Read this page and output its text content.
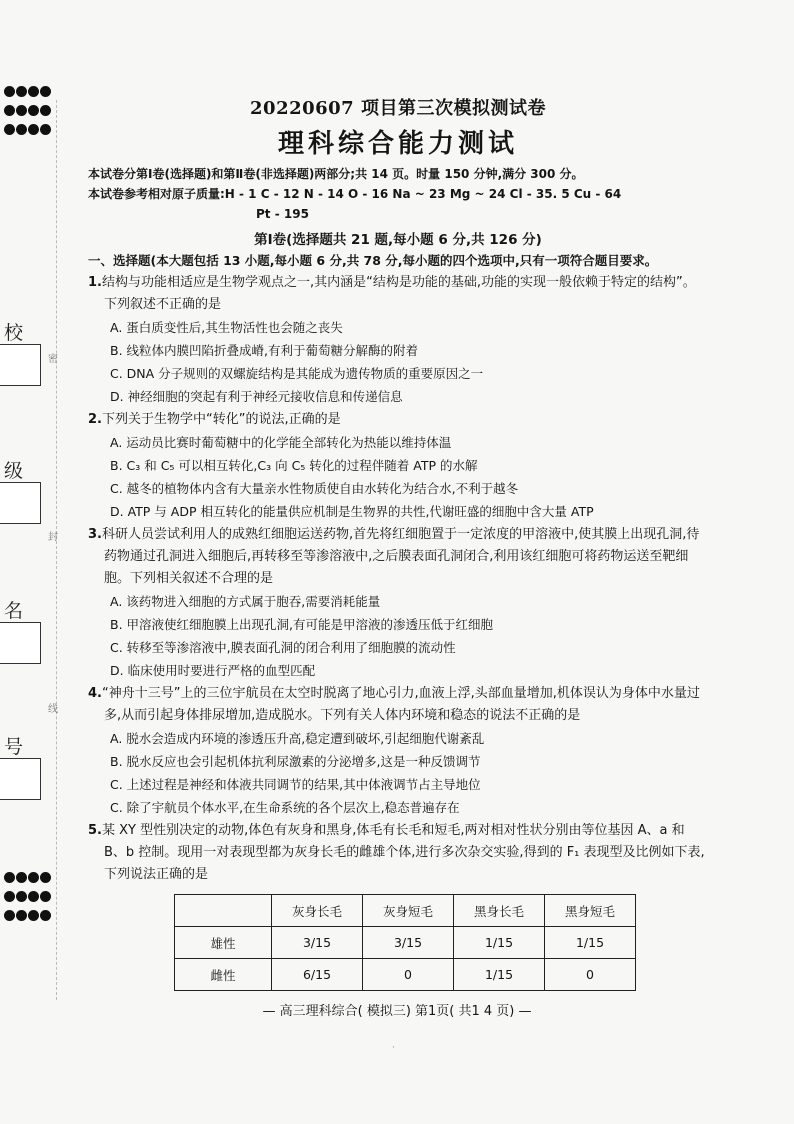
校
密
级
封
名
线
号
20220607 项目第三次模拟测试卷
理科综合能力测试
本试卷分第Ⅰ卷(选择题)和第Ⅱ卷(非选择题)两部分;共 14 页。时量 150 分钟,满分 300 分。
本试卷参考相对原子质量:H - 1 C - 12 N - 14 O - 16 Na ~ 23 Mg ~ 24 Cl - 35. 5 Cu - 64
Pt - 195
第Ⅰ卷(选择题共 21 题,每小题 6 分,共 126 分)
一、选择题(本大题包括 13 小题,每小题 6 分,共 78 分,每小题的四个选项中,只有一项符合题目要求。
1.结构与功能相适应是生物学观点之一,其内涵是“结构是功能的基础,功能的实现一般依赖于特定的结构”。下列叙述不正确的是
A. 蛋白质变性后,其生物活性也会随之丧失
B. 线粒体内膜凹陷折叠成嵴,有利于葡萄糖分解酶的附着
C. DNA 分子规则的双螺旋结构是其能成为遗传物质的重要原因之一
D. 神经细胞的突起有利于神经元接收信息和传递信息
2.下列关于生物学中“转化”的说法,正确的是
A. 运动员比赛时葡萄糖中的化学能全部转化为热能以维持体温
B. C₃ 和 C₅ 可以相互转化,C₃ 向 C₅ 转化的过程伴随着 ATP 的水解
C. 越冬的植物体内含有大量亲水性物质使自由水转化为结合水,不利于越冬
D. ATP 与 ADP 相互转化的能量供应机制是生物界的共性,代谢旺盛的细胞中含大量 ATP
3.科研人员尝试利用人的成熟红细胞运送药物,首先将红细胞置于一定浓度的甲溶液中,使其膜上出现孔洞,待药物通过孔洞进入细胞后,再转移至等渗溶液中,之后膜表面孔洞闭合,利用该红细胞可将药物运送至靶细胞。下列相关叙述不合理的是
A. 该药物进入细胞的方式属于胞吞,需要消耗能量
B. 甲溶液使红细胞膜上出现孔洞,有可能是甲溶液的渗透压低于红细胞
C. 转移至等渗溶液中,膜表面孔洞的闭合利用了细胞膜的流动性
D. 临床使用时要进行严格的血型匹配
4.“神舟十三号”上的三位宇航员在太空时脱离了地心引力,血液上浮,头部血量增加,机体误认为身体中水量过多,从而引起身体排尿增加,造成脱水。下列有关人体内环境和稳态的说法不正确的是
A. 脱水会造成内环境的渗透压升高,稳定遭到破坏,引起细胞代谢紊乱
B. 脱水反应也会引起机体抗利尿激素的分泌增多,这是一种反馈调节
C. 上述过程是神经和体液共同调节的结果,其中体液调节占主导地位
C. 除了宇航员个体水平,在生命系统的各个层次上,稳态普遍存在
5.某 XY 型性别决定的动物,体色有灰身和黑身,体毛有长毛和短毛,两对相对性状分别由等位基因 A、a 和 B、b 控制。现用一对表现型都为灰身长毛的雌雄个体,进行多次杂交实验,得到的 F₁ 表现型及比例如下表,下列说法正确的是
	灰身长毛	灰身短毛	黑身长毛	黑身短毛
雄性	3/15	3/15	1/15	1/15
雌性	6/15	0	1/15	0
— 高三理科综合( 模拟三) 第1页( 共1 4 页) —
·
